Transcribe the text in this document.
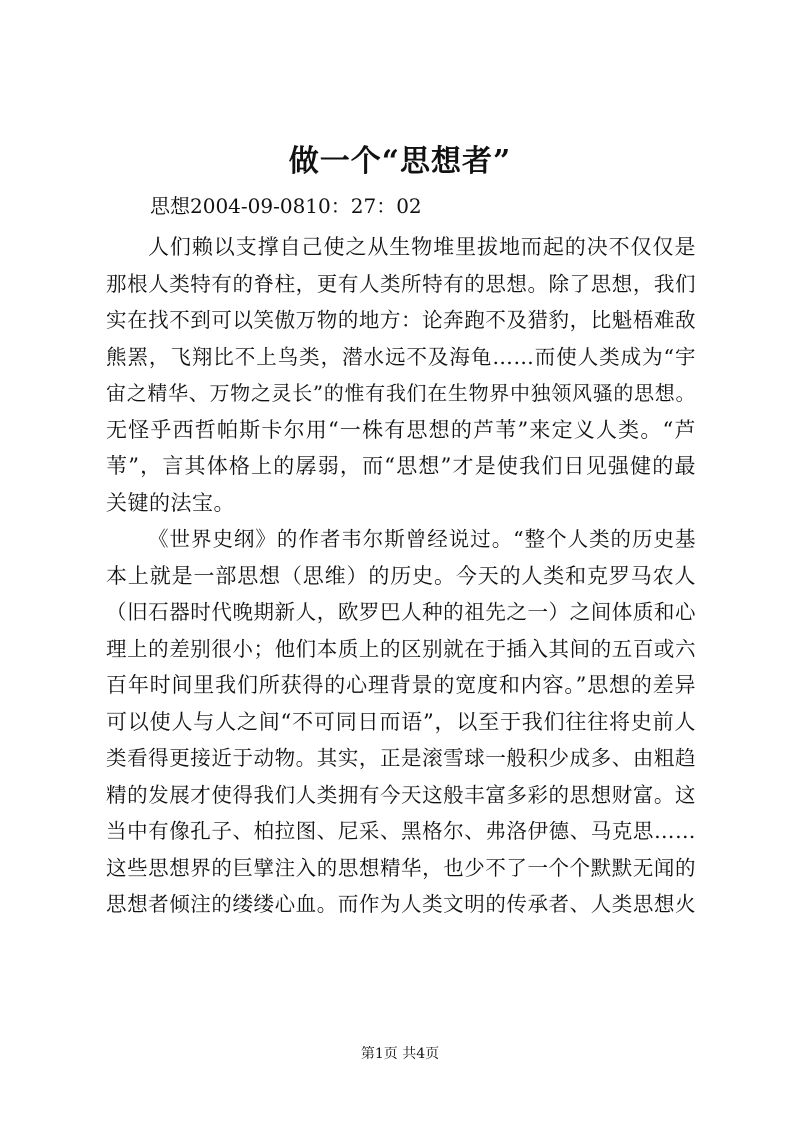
做一个“思想者”
思想2004-09-0810：27：02
人们赖以支撑自己使之从生物堆里拔地而起的决不仅仅是
那根人类特有的脊柱，更有人类所特有的思想。除了思想，我们
实在找不到可以笑傲万物的地方：论奔跑不及猎豹，比魁梧难敌
熊罴，飞翔比不上鸟类，潜水远不及海龟……而使人类成为“宇
宙之精华、万物之灵长”的惟有我们在生物界中独领风骚的思想。
无怪乎西哲帕斯卡尔用“一株有思想的芦苇”来定义人类。“芦
苇”，言其体格上的孱弱，而“思想”才是使我们日见强健的最
关键的法宝。
《世界史纲》的作者韦尔斯曾经说过。“整个人类的历史基
本上就是一部思想（思维）的历史。今天的人类和克罗马农人
（旧石器时代晚期新人，欧罗巴人种的祖先之一）之间体质和心
理上的差别很小；他们本质上的区别就在于插入其间的五百或六
百年时间里我们所获得的心理背景的宽度和内容。”思想的差异
可以使人与人之间“不可同日而语”，以至于我们往往将史前人
类看得更接近于动物。其实，正是滚雪球一般积少成多、由粗趋
精的发展才使得我们人类拥有今天这般丰富多彩的思想财富。这
当中有像孔子、柏拉图、尼采、黑格尔、弗洛伊德、马克思……
这些思想界的巨擘注入的思想精华，也少不了一个个默默无闻的
思想者倾注的缕缕心血。而作为人类文明的传承者、人类思想火
第1页 共4页
